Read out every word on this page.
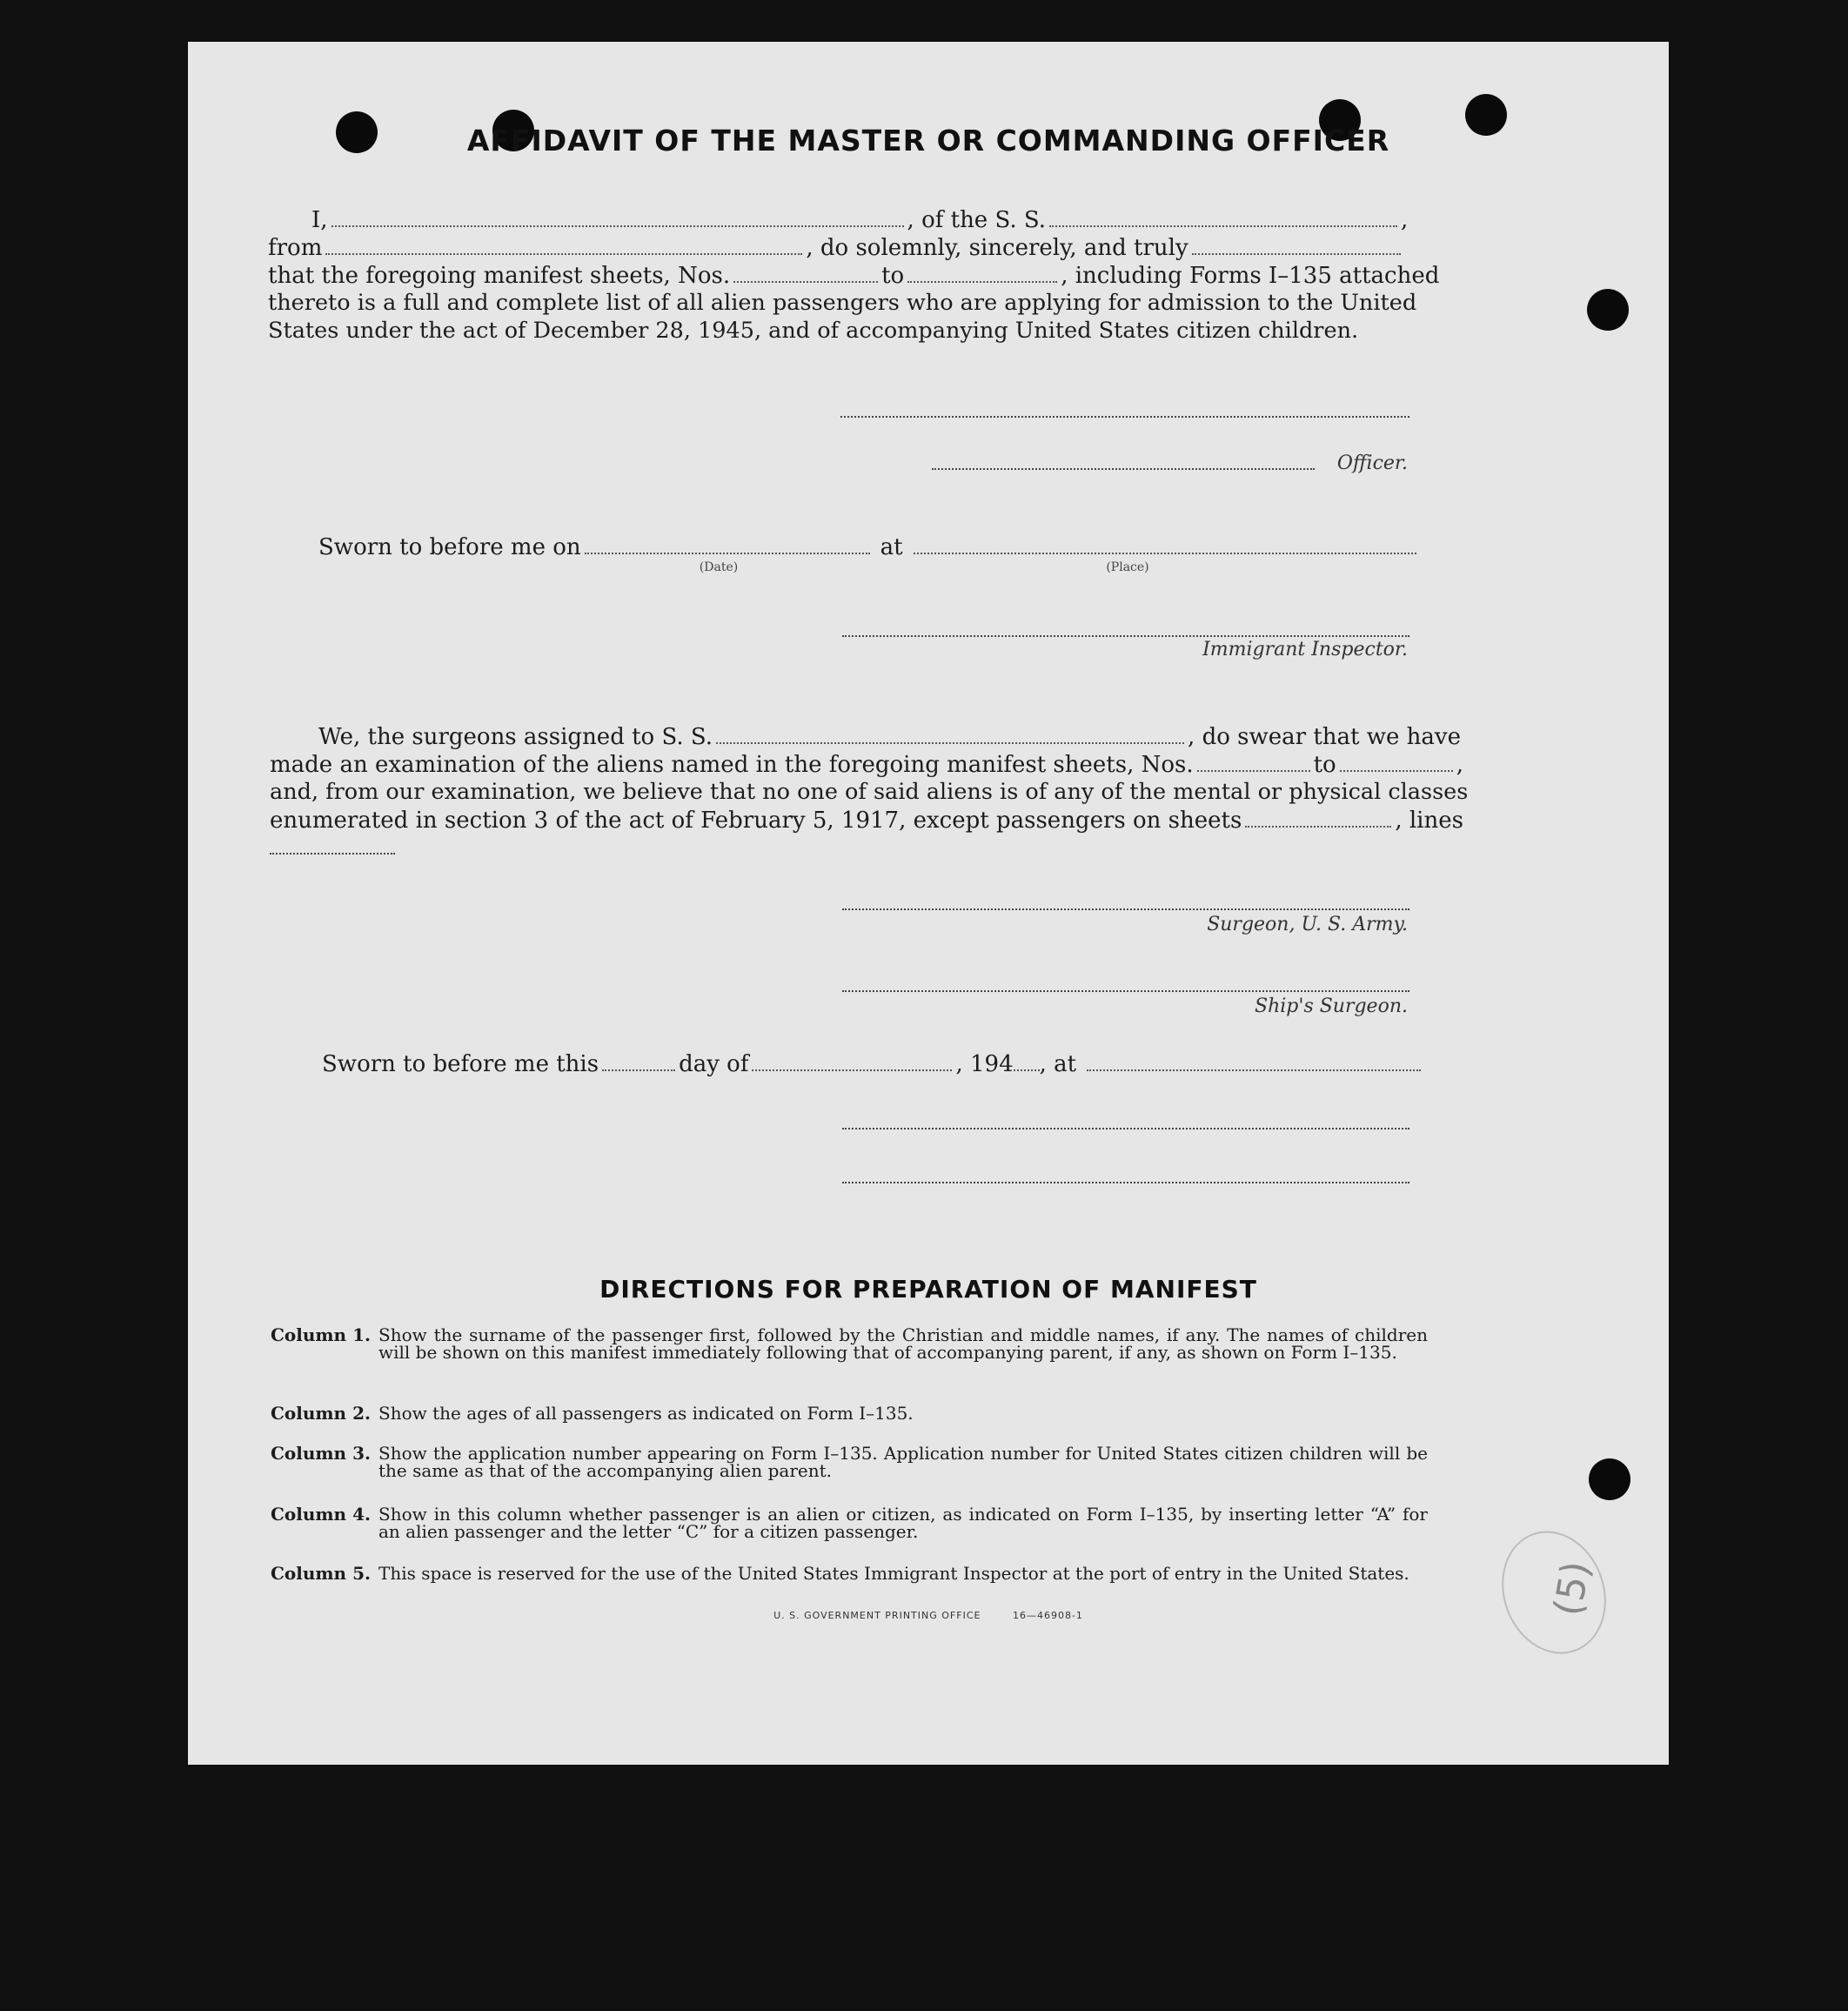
AFFIDAVIT OF THE MASTER OR COMMANDING OFFICER
I,	, of the S. S.	,
from	, do solemnly, sincerely, and truly
that the foregoing manifest sheets, Nos.	to	, including Forms I–135 attached
thereto is a full and complete list of all alien passengers who are applying for admission to the United
States under the act of December 28, 1945, and of accompanying United States citizen children.
Officer.
Sworn to before me on	at
(Date)	(Place)
Immigrant Inspector.
We, the surgeons assigned to S. S.	, do swear that we have
made an examination of the aliens named in the foregoing manifest sheets, Nos.	to	,
and, from our examination, we believe that no one of said aliens is of any of the mental or physical classes
enumerated in section 3 of the act of February 5, 1917, except passengers on sheets	, lines
Surgeon, U. S. Army.
Ship's Surgeon.
Sworn to before me this	day of	, 194 , at
DIRECTIONS FOR PREPARATION OF MANIFEST
Column 1. Show the surname of the passenger first, followed by the Christian and middle names, if any. The names of children will be shown on this manifest immediately following that of accompanying parent, if any, as shown on Form I–135.
Column 2. Show the ages of all passengers as indicated on Form I–135.
Column 3. Show the application number appearing on Form I–135. Application number for United States citizen children will be the same as that of the accompanying alien parent.
Column 4. Show in this column whether passenger is an alien or citizen, as indicated on Form I–135, by inserting letter “A” for an alien passenger and the letter “C” for a citizen passenger.
Column 5. This space is reserved for the use of the United States Immigrant Inspector at the port of entry in the United States.
U. S. GOVERNMENT PRINTING OFFICE	16—46908-1	(5)
